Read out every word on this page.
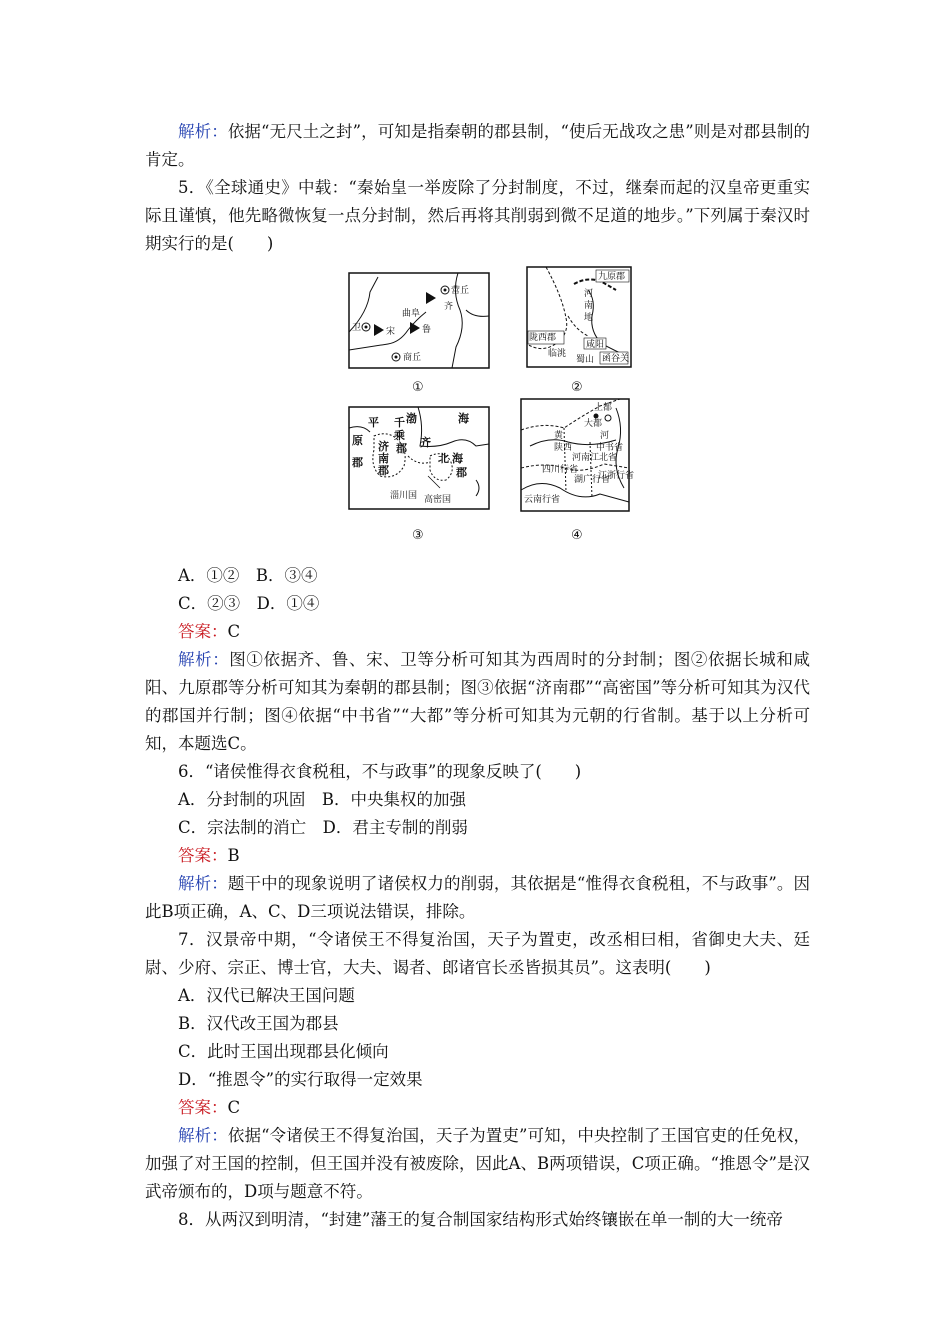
解析：依据“无尺土之封”，可知是指秦朝的郡县制，“使后无战攻之患”则是对郡县制的肯定。

5．《全球通史》中载：“秦始皇一举废除了分封制度，不过，继秦而起的汉皇帝更重实际且谨慎，他先略微恢复一点分封制，然后再将其削弱到微不足道的地步。”下列属于秦汉时期实行的是(　　)

营丘
齐
曲阜
鲁
卫	宋
商丘
①
九原郡
河
南
地
陇西郡
咸阳
临洮
蜀山 函谷关
②
渤	海
平 千
乘
郡
原 济
南
郡
郡
齐
北 海
郡
淄川国 高密国
③
上都
大都
黄	河
中书省
陕西
河南江北省
四川行省
湖广行省
江浙行省
云南行省
④

A．①②　B．③④

C．②③　D．①④

答案：C

解析：图①依据齐、鲁、宋、卫等分析可知其为西周时的分封制；图②依据长城和咸阳、九原郡等分析可知其为秦朝的郡县制；图③依据“济南郡”“高密国”等分析可知其为汉代的郡国并行制；图④依据“中书省”“大都”等分析可知其为元朝的行省制。基于以上分析可知，本题选C。

6．“诸侯惟得衣食税租，不与政事”的现象反映了(　　)

A．分封制的巩固　B．中央集权的加强

C．宗法制的消亡　D．君主专制的削弱

答案：B

解析：题干中的现象说明了诸侯权力的削弱，其依据是“惟得衣食税租，不与政事”。因此B项正确，A、C、D三项说法错误，排除。

7．汉景帝中期，“令诸侯王不得复治国，天子为置吏，改丞相曰相，省御史大夫、廷尉、少府、宗正、博士官，大夫、谒者、郎诸官长丞皆损其员”。这表明(　　)

A．汉代已解决王国问题

B．汉代改王国为郡县

C．此时王国出现郡县化倾向

D．“推恩令”的实行取得一定效果

答案：C

解析：依据“令诸侯王不得复治国，天子为置吏”可知，中央控制了王国官吏的任免权，加强了对王国的控制，但王国并没有被废除，因此A、B两项错误，C项正确。“推恩令”是汉武帝颁布的，D项与题意不符。

8．从两汉到明清，“封建”藩王的复合制国家结构形式始终镶嵌在单一制的大一统帝
